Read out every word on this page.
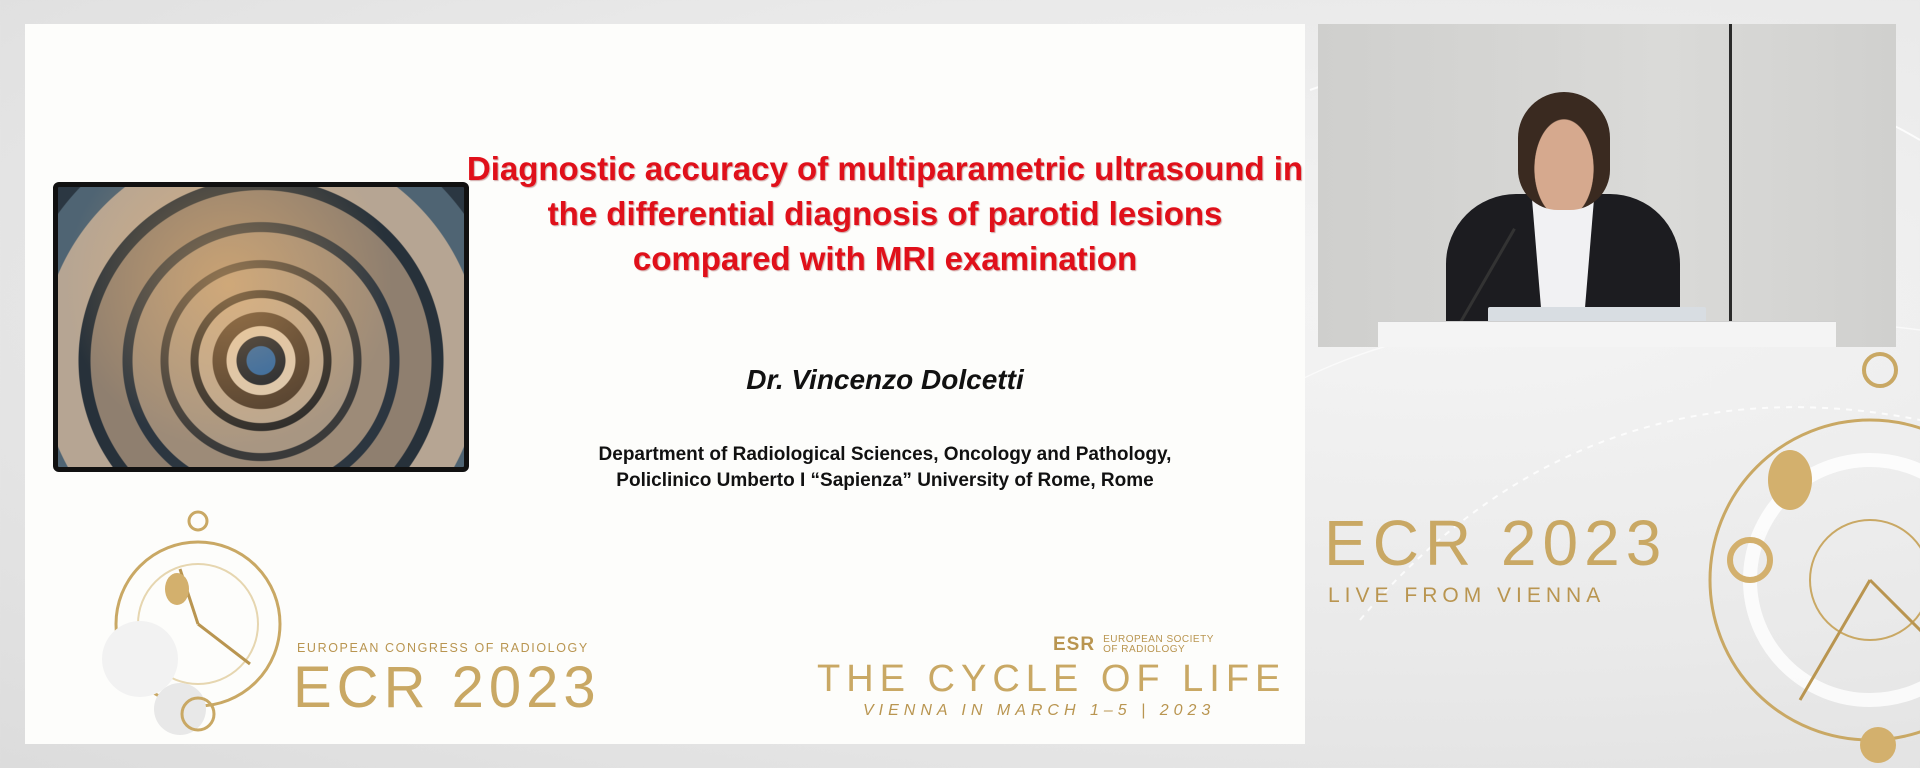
Diagnostic accuracy of multiparametric ultrasound in the differential diagnosis of parotid lesions compared with MRI examination
Dr. Vincenzo Dolcetti
Department of Radiological Sciences, Oncology and Pathology,
Policlinico Umberto I “Sapienza” University of Rome, Rome
EUROPEAN CONGRESS OF RADIOLOGY
ECR 2023
ESR EUROPEAN SOCIETY
OF RADIOLOGY
THE CYCLE OF LIFE
VIENNA IN MARCH 1–5 | 2023
ECR 2023
LIVE FROM VIENNA
